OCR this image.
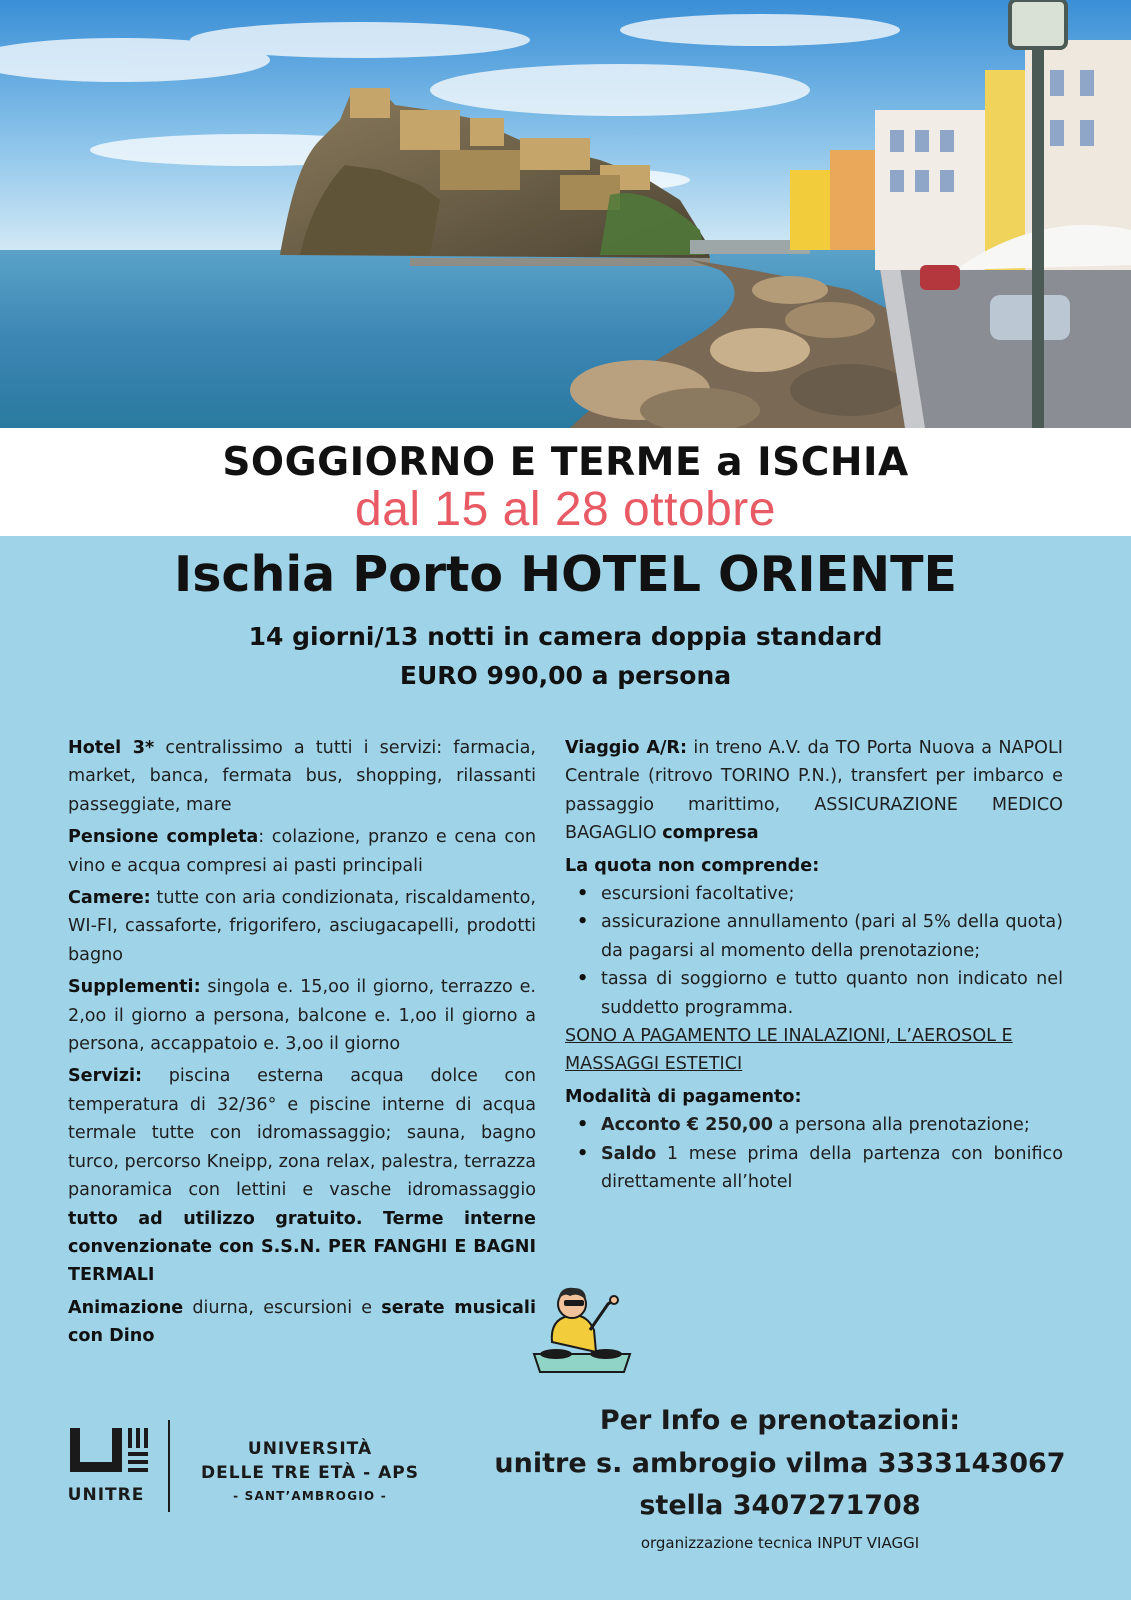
SOGGIORNO E TERME a ISCHIA
dal 15 al 28 ottobre
Ischia Porto HOTEL ORIENTE
14 giorni/13 notti in camera doppia standard
EURO 990,00 a persona

Hotel 3* centralissimo a tutti i servizi: farmacia, market, banca, fermata bus, shopping, rilassanti passeggiate, mare

Pensione completa: colazione, pranzo e cena con vino e acqua compresi ai pasti principali

Camere: tutte con aria condizionata, riscaldamento, WI-FI, cassaforte, frigorifero, asciugacapelli, prodotti bagno

Supplementi: singola e. 15,oo il giorno, terrazzo e. 2,oo il giorno a persona, balcone e. 1,oo il giorno a persona, accappatoio e. 3,oo il giorno

Servizi: piscina esterna acqua dolce con temperatura di 32/36° e piscine interne di acqua termale tutte con idromassaggio; sauna, bagno turco, percorso Kneipp, zona relax, palestra, terrazza panoramica con lettini e vasche idromassaggio tutto ad utilizzo gratuito. Terme interne convenzionate con S.S.N. PER FANGHI E BAGNI TERMALI

Animazione diurna, escursioni e serate musicali con Dino

Viaggio A/R: in treno A.V. da TO Porta Nuova a NAPOLI Centrale (ritrovo TORINO P.N.), transfert per imbarco e passaggio marittimo, ASSICURAZIONE MEDICO BAGAGLIO compresa

La quota non comprende:
• escursioni facoltative;
• assicurazione annullamento (pari al 5% della quota) da pagarsi al momento della prenotazione;
• tassa di soggiorno e tutto quanto non indicato nel suddetto programma.
SONO A PAGAMENTO LE INALAZIONI, L’AEROSOL E MASSAGGI ESTETICI
Modalità di pagamento:
• Acconto € 250,00 a persona alla prenotazione;
• Saldo 1 mese prima della partenza con bonifico direttamente all’hotel
UNITRE
UNIVERSITÀ
DELLE TRE ETÀ - APS
- SANT’AMBROGIO -
Per Info e prenotazioni:
unitre s. ambrogio vilma 3333143067
stella 3407271708
organizzazione tecnica INPUT VIAGGI
